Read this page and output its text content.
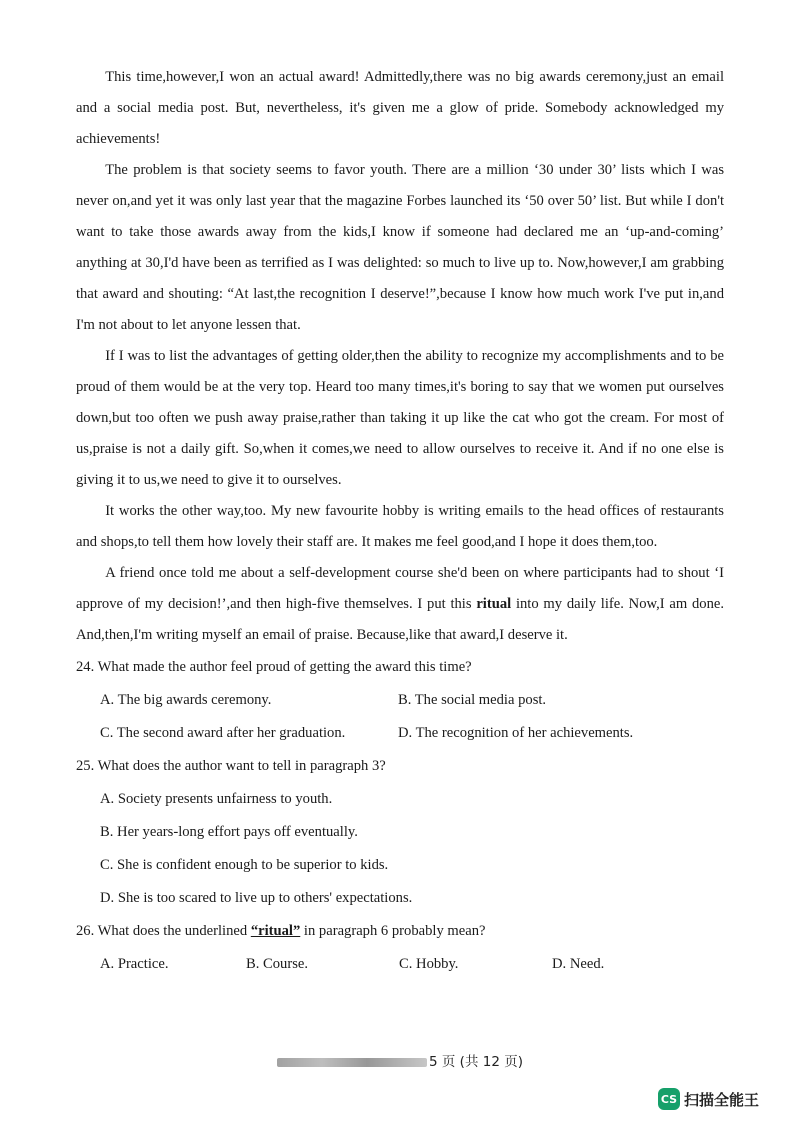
This time,however,I won an actual award! Admittedly,there was no big awards ceremony,just an email and a social media post. But, nevertheless, it's given me a glow of pride. Somebody acknowledged my achievements!

The problem is that society seems to favor youth. There are a million ‘30 under 30’ lists which I was never on,and yet it was only last year that the magazine Forbes launched its ‘50 over 50’ list. But while I don't want to take those awards away from the kids,I know if someone had declared me an ‘up-and-coming’ anything at 30,I'd have been as terrified as I was delighted: so much to live up to. Now,however,I am grabbing that award and shouting: “At last,the recognition I deserve!”,because I know how much work I've put in,and I'm not about to let anyone lessen that.

If I was to list the advantages of getting older,then the ability to recognize my accomplishments and to be proud of them would be at the very top. Heard too many times,it's boring to say that we women put ourselves down,but too often we push away praise,rather than taking it up like the cat who got the cream. For most of us,praise is not a daily gift. So,when it comes,we need to allow ourselves to receive it. And if no one else is giving it to us,we need to give it to ourselves.

It works the other way,too. My new favourite hobby is writing emails to the head offices of restaurants and shops,to tell them how lovely their staff are. It makes me feel good,and I hope it does them,too.

A friend once told me about a self-development course she'd been on where participants had to shout ‘I approve of my decision!’,and then high-five themselves. I put this ritual into my daily life. Now,I am done. And,then,I'm writing myself an email of praise. Because,like that award,I deserve it.

24. What made the author feel proud of getting the award this time?

A. The big awards ceremony.	B. The social media post.
C. The second award after her graduation.	D. The recognition of her achievements.

25. What does the author want to tell in paragraph 3?

A. Society presents unfairness to youth.
B. Her years-long effort pays off eventually.
C. She is confident enough to be superior to kids.
D. She is too scared to live up to others' expectations.

26. What does the underlined “ritual” in paragraph 6 probably mean?

A. Practice.	B. Course.	C. Hobby.	D. Need.
5 页 (共 12 页)
CS 扫描全能王
